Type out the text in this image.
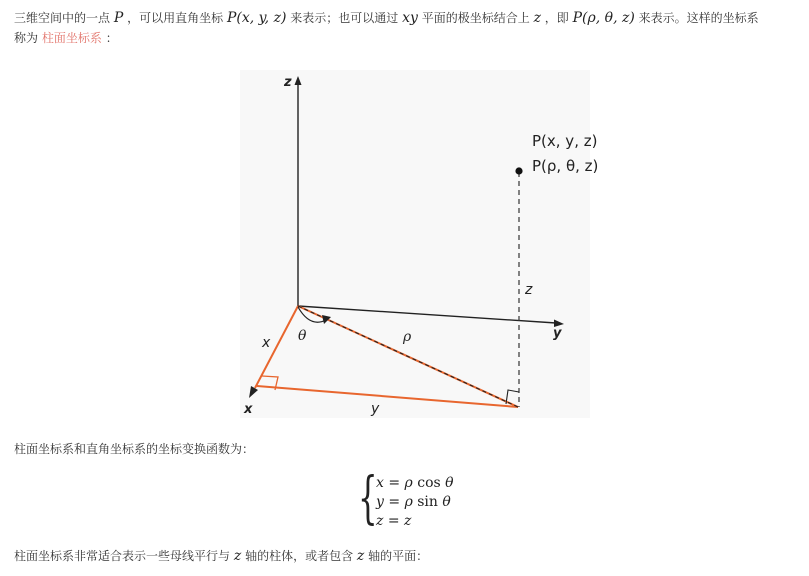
三维空间中的一点 P ，可以用直角坐标 P(x, y, z) 来表示；也可以通过 xy 平面的极坐标结合上 z ，即 P(ρ, θ, z) 来表示。这样的坐标系
称为 柱面坐标系 ：
z
y
x
P(x, y, z)
P(ρ, θ, z)
z
x
y
ρ
θ
柱面坐标系和直角坐标系的坐标变换函数为：
{
x = ρ cos θ
y = ρ sin θ
z = z
柱面坐标系非常适合表示一些母线平行与 z 轴的柱体，或者包含 z 轴的平面：
